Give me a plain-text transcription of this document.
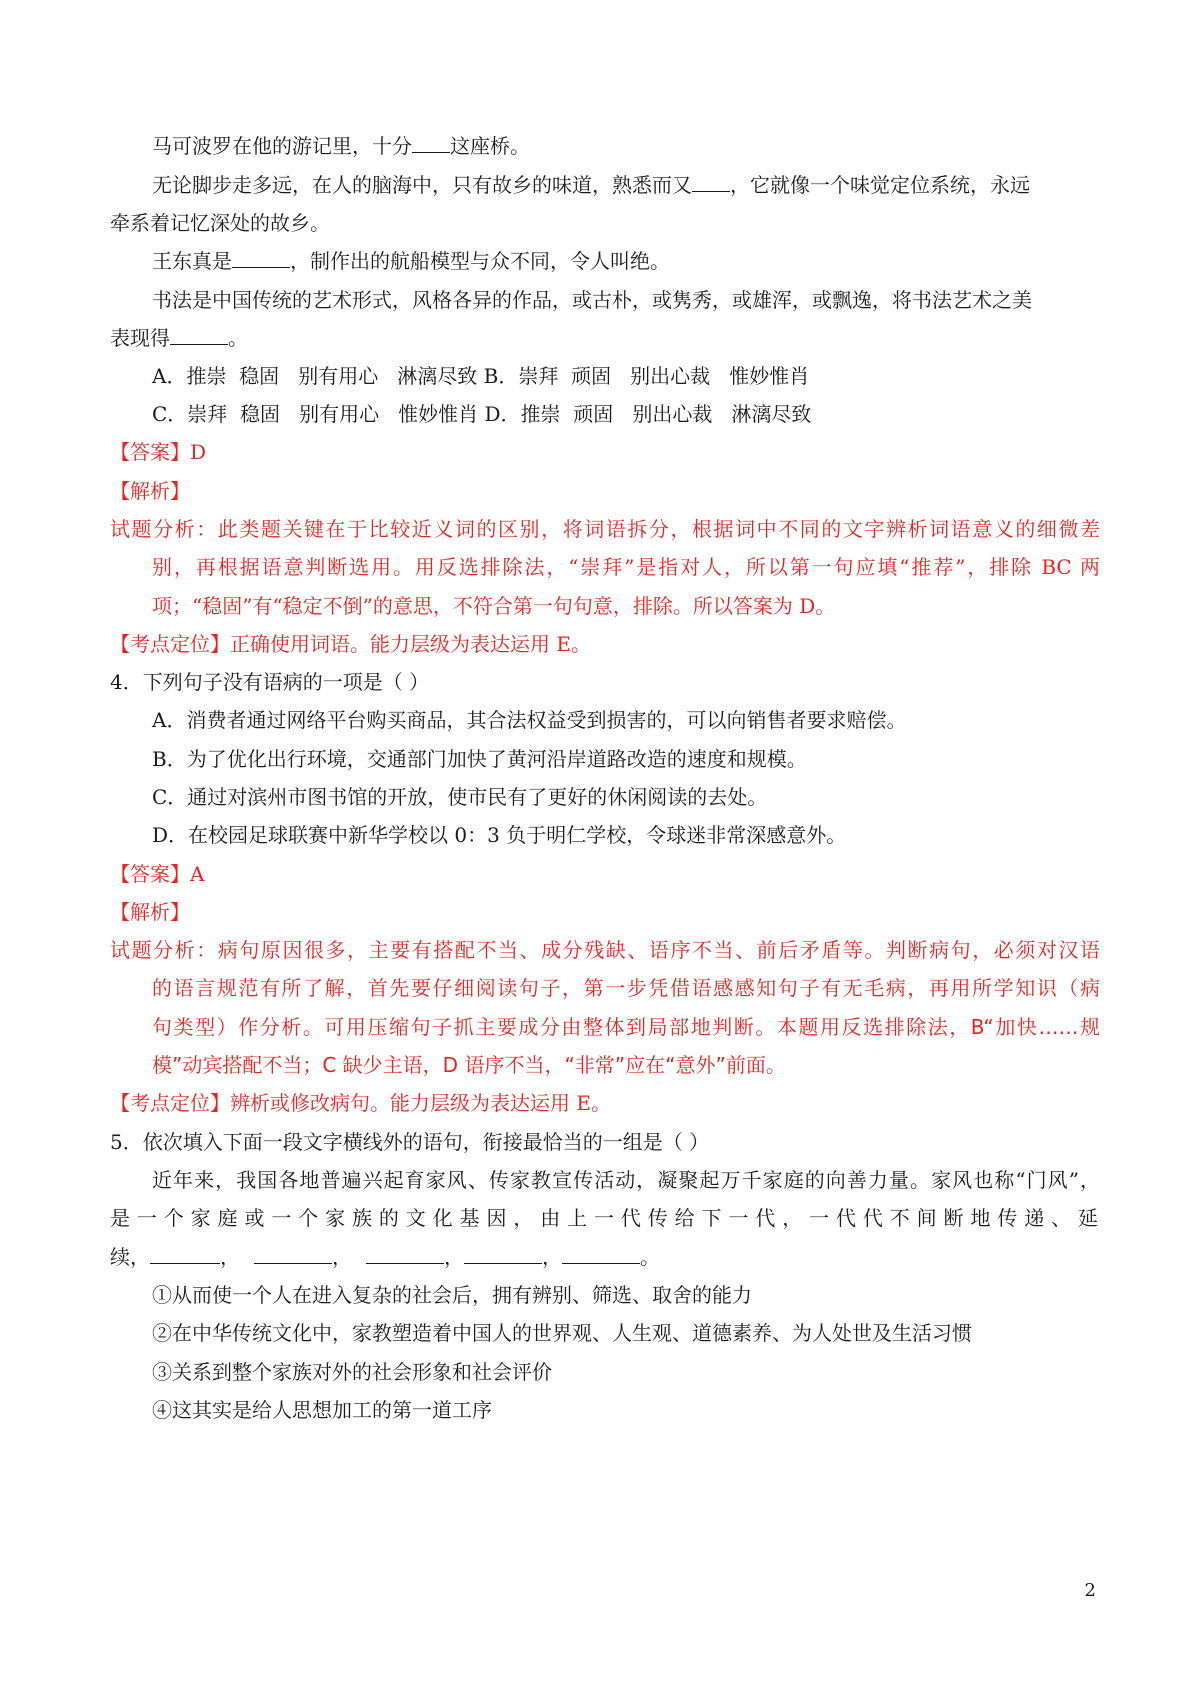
马可波罗在他的游记里，十分 这座桥。
无论脚步走多远，在人的脑海中，只有故乡的味道，熟悉而又 ，它就像一个味觉定位系统，永远
牵系着记忆深处的故乡。
王东真是	，制作出的航船模型与众不同，令人叫绝。
书法是中国传统的艺术形式，风格各异的作品，或古朴，或隽秀，或雄浑，或飘逸，将书法艺术之美
表现得	。
A．推崇  稳固   别有用心   淋漓尽致 B．崇拜  顽固   别出心裁   惟妙惟肖
C．崇拜  稳固   别有用心   惟妙惟肖 D．推崇  顽固   别出心裁   淋漓尽致
【答案】D
【解析】
试题分析：此类题关键在于比较近义词的区别，将词语拆分，根据词中不同的文字辨析词语意义的细微差
别，再根据语意判断选用。用反选排除法，“崇拜”是指对人，所以第一句应填“推荐”，排除 BC 两
项；“稳固”有“稳定不倒”的意思，不符合第一句句意，排除。所以答案为 D。
【考点定位】正确使用词语。能力层级为表达运用 E。
4．下列句子没有语病的一项是（ ）
A．消费者通过网络平台购买商品，其合法权益受到损害的，可以向销售者要求赔偿。
B．为了优化出行环境，交通部门加快了黄河沿岸道路改造的速度和规模。
C．通过对滨州市图书馆的开放，使市民有了更好的休闲阅读的去处。
D．在校园足球联赛中新华学校以 0：3 负于明仁学校，令球迷非常深感意外。
【答案】A
【解析】
试题分析：病句原因很多，主要有搭配不当、成分残缺、语序不当、前后矛盾等。判断病句，必须对汉语
的语言规范有所了解，首先要仔细阅读句子，第一步凭借语感感知句子有无毛病，再用所学知识（病
句类型）作分析。可用压缩句子抓主要成分由整体到局部地判断。本题用反选排除法，B“加快……规
模”动宾搭配不当；C 缺少主语，D 语序不当，“非常”应在“意外”前面。
【考点定位】辨析或修改病句。能力层级为表达运用 E。
5．依次填入下面一段文字横线外的语句，衔接最恰当的一组是（ ）
近年来，我国各地普遍兴起育家风、传家教宣传活动，凝聚起万千家庭的向善力量。家风也称“门风”，
是一个家庭或一个家族的文化基因，由上一代传给下一代，一代代不间断地传递、延
续，	，	，	，	，	。
①从而使一个人在进入复杂的社会后，拥有辨别、筛选、取舍的能力
②在中华传统文化中，家教塑造着中国人的世界观、人生观、道德素养、为人处世及生活习惯
③关系到整个家族对外的社会形象和社会评价
④这其实是给人思想加工的第一道工序
2
